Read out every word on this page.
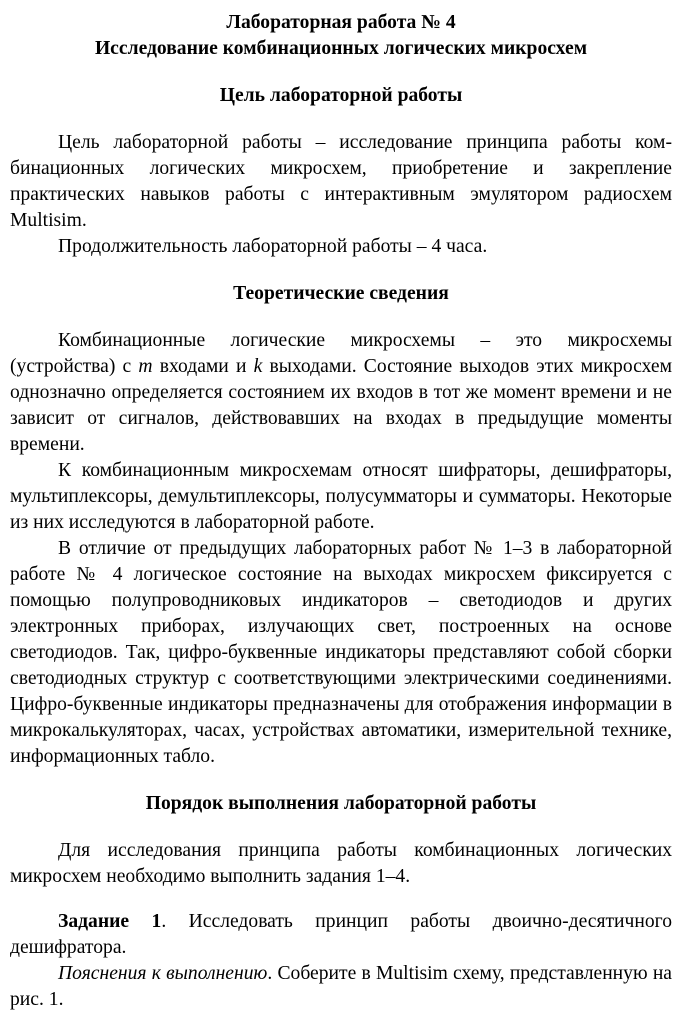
Лабораторная работа № 4
Исследование комбинационных логических микросхем
Цель лабораторной работы

Цель лабораторной работы – исследование принципа работы комбинационных логических микросхем, приобретение и закрепление практических навыков работы с интерактивным эмулятором радиосхем Multisim.

Продолжительность лабораторной работы – 4 часа.

Теоретические сведения

Комбинационные логические микросхемы – это микросхемы (устройства) с m входами и k выходами. Состояние выходов этих микросхем однозначно определяется состоянием их входов в тот же момент времени и не зависит от сигналов, действовавших на входах в предыдущие моменты времени.

К комбинационным микросхемам относят шифраторы, дешифраторы, мультиплексоры, демультиплексоры, полусумматоры и сумматоры. Некоторые из них исследуются в лабораторной работе.

В отличие от предыдущих лабораторных работ № 1–3 в лабораторной работе № 4 логическое состояние на выходах микросхем фиксируется с помощью полупроводниковых индикаторов – светодиодов и других электронных приборах, излучающих свет, построенных на основе светодиодов. Так, цифро-буквенные индикаторы представляют собой сборки светодиодных структур с соответствующими электрическими соединениями. Цифро-буквенные индикаторы предназначены для отображения информации в микрокалькуляторах, часах, устройствах автоматики, измерительной технике, информационных табло.

Порядок выполнения лабораторной работы

Для исследования принципа работы комбинационных логических микросхем необходимо выполнить задания 1–4.

Задание 1. Исследовать принцип работы двоично-десятичного дешифратора.

Пояснения к выполнению. Соберите в Multisim схему, представленную на рис. 1.
